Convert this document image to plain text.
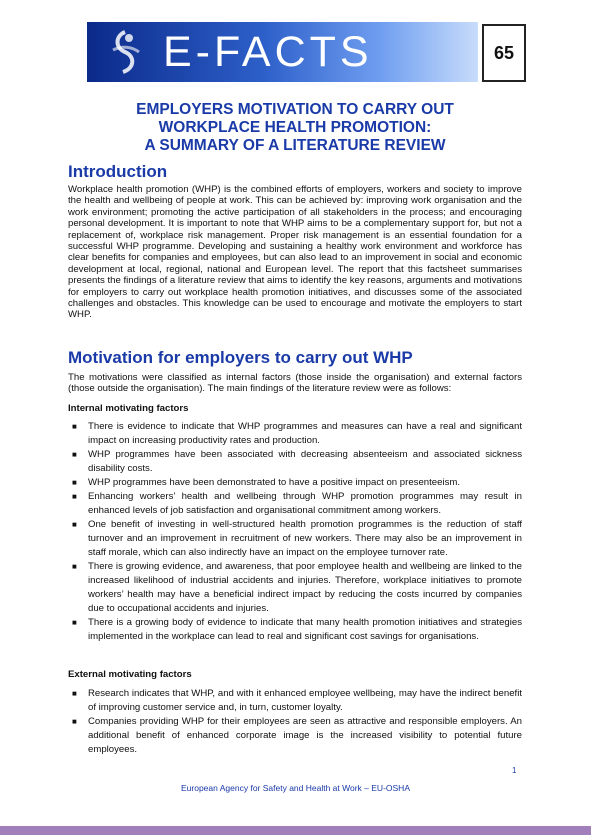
E-FACTS	65
EMPLOYERS MOTIVATION TO CARRY OUT
WORKPLACE HEALTH PROMOTION:
A SUMMARY OF A LITERATURE REVIEW
Introduction
Workplace health promotion (WHP) is the combined efforts of employers, workers and society to improve the health and wellbeing of people at work. This can be achieved by: improving work organisation and the work environment; promoting the active participation of all stakeholders in the process; and encouraging personal development. It is important to note that WHP aims to be a complementary support for, but not a replacement of, workplace risk management. Proper risk management is an essential foundation for a successful WHP programme. Developing and sustaining a healthy work environment and workforce has clear benefits for companies and employees, but can also lead to an improvement in social and economic development at local, regional, national and European level. The report that this factsheet summarises presents the findings of a literature review that aims to identify the key reasons, arguments and motivations for employers to carry out workplace health promotion initiatives, and discusses some of the associated challenges and obstacles. This knowledge can be used to encourage and motivate the employers to start WHP.
Motivation for employers to carry out WHP
The motivations were classified as internal factors (those inside the organisation) and external factors (those outside the organisation). The main findings of the literature review were as follows:
Internal motivating factors
■ There is evidence to indicate that WHP programmes and measures can have a real and significant impact on increasing productivity rates and production.
■ WHP programmes have been associated with decreasing absenteeism and associated sickness disability costs.
■ WHP programmes have been demonstrated to have a positive impact on presenteeism.
■ Enhancing workers’ health and wellbeing through WHP promotion programmes may result in enhanced levels of job satisfaction and organisational commitment among workers.
■ One benefit of investing in well-structured health promotion programmes is the reduction of staff turnover and an improvement in recruitment of new workers. There may also be an improvement in staff morale, which can also indirectly have an impact on the employee turnover rate.
■ There is growing evidence, and awareness, that poor employee health and wellbeing are linked to the increased likelihood of industrial accidents and injuries. Therefore, workplace initiatives to promote workers’ health may have a beneficial indirect impact by reducing the costs incurred by companies due to occupational accidents and injuries.
■ There is a growing body of evidence to indicate that many health promotion initiatives and strategies implemented in the workplace can lead to real and significant cost savings for organisations.
External motivating factors
■ Research indicates that WHP, and with it enhanced employee wellbeing, may have the indirect benefit of improving customer service and, in turn, customer loyalty.
■ Companies providing WHP for their employees are seen as attractive and responsible employers. An additional benefit of enhanced corporate image is the increased visibility to potential future employees.
1
European Agency for Safety and Health at Work – EU-OSHA
